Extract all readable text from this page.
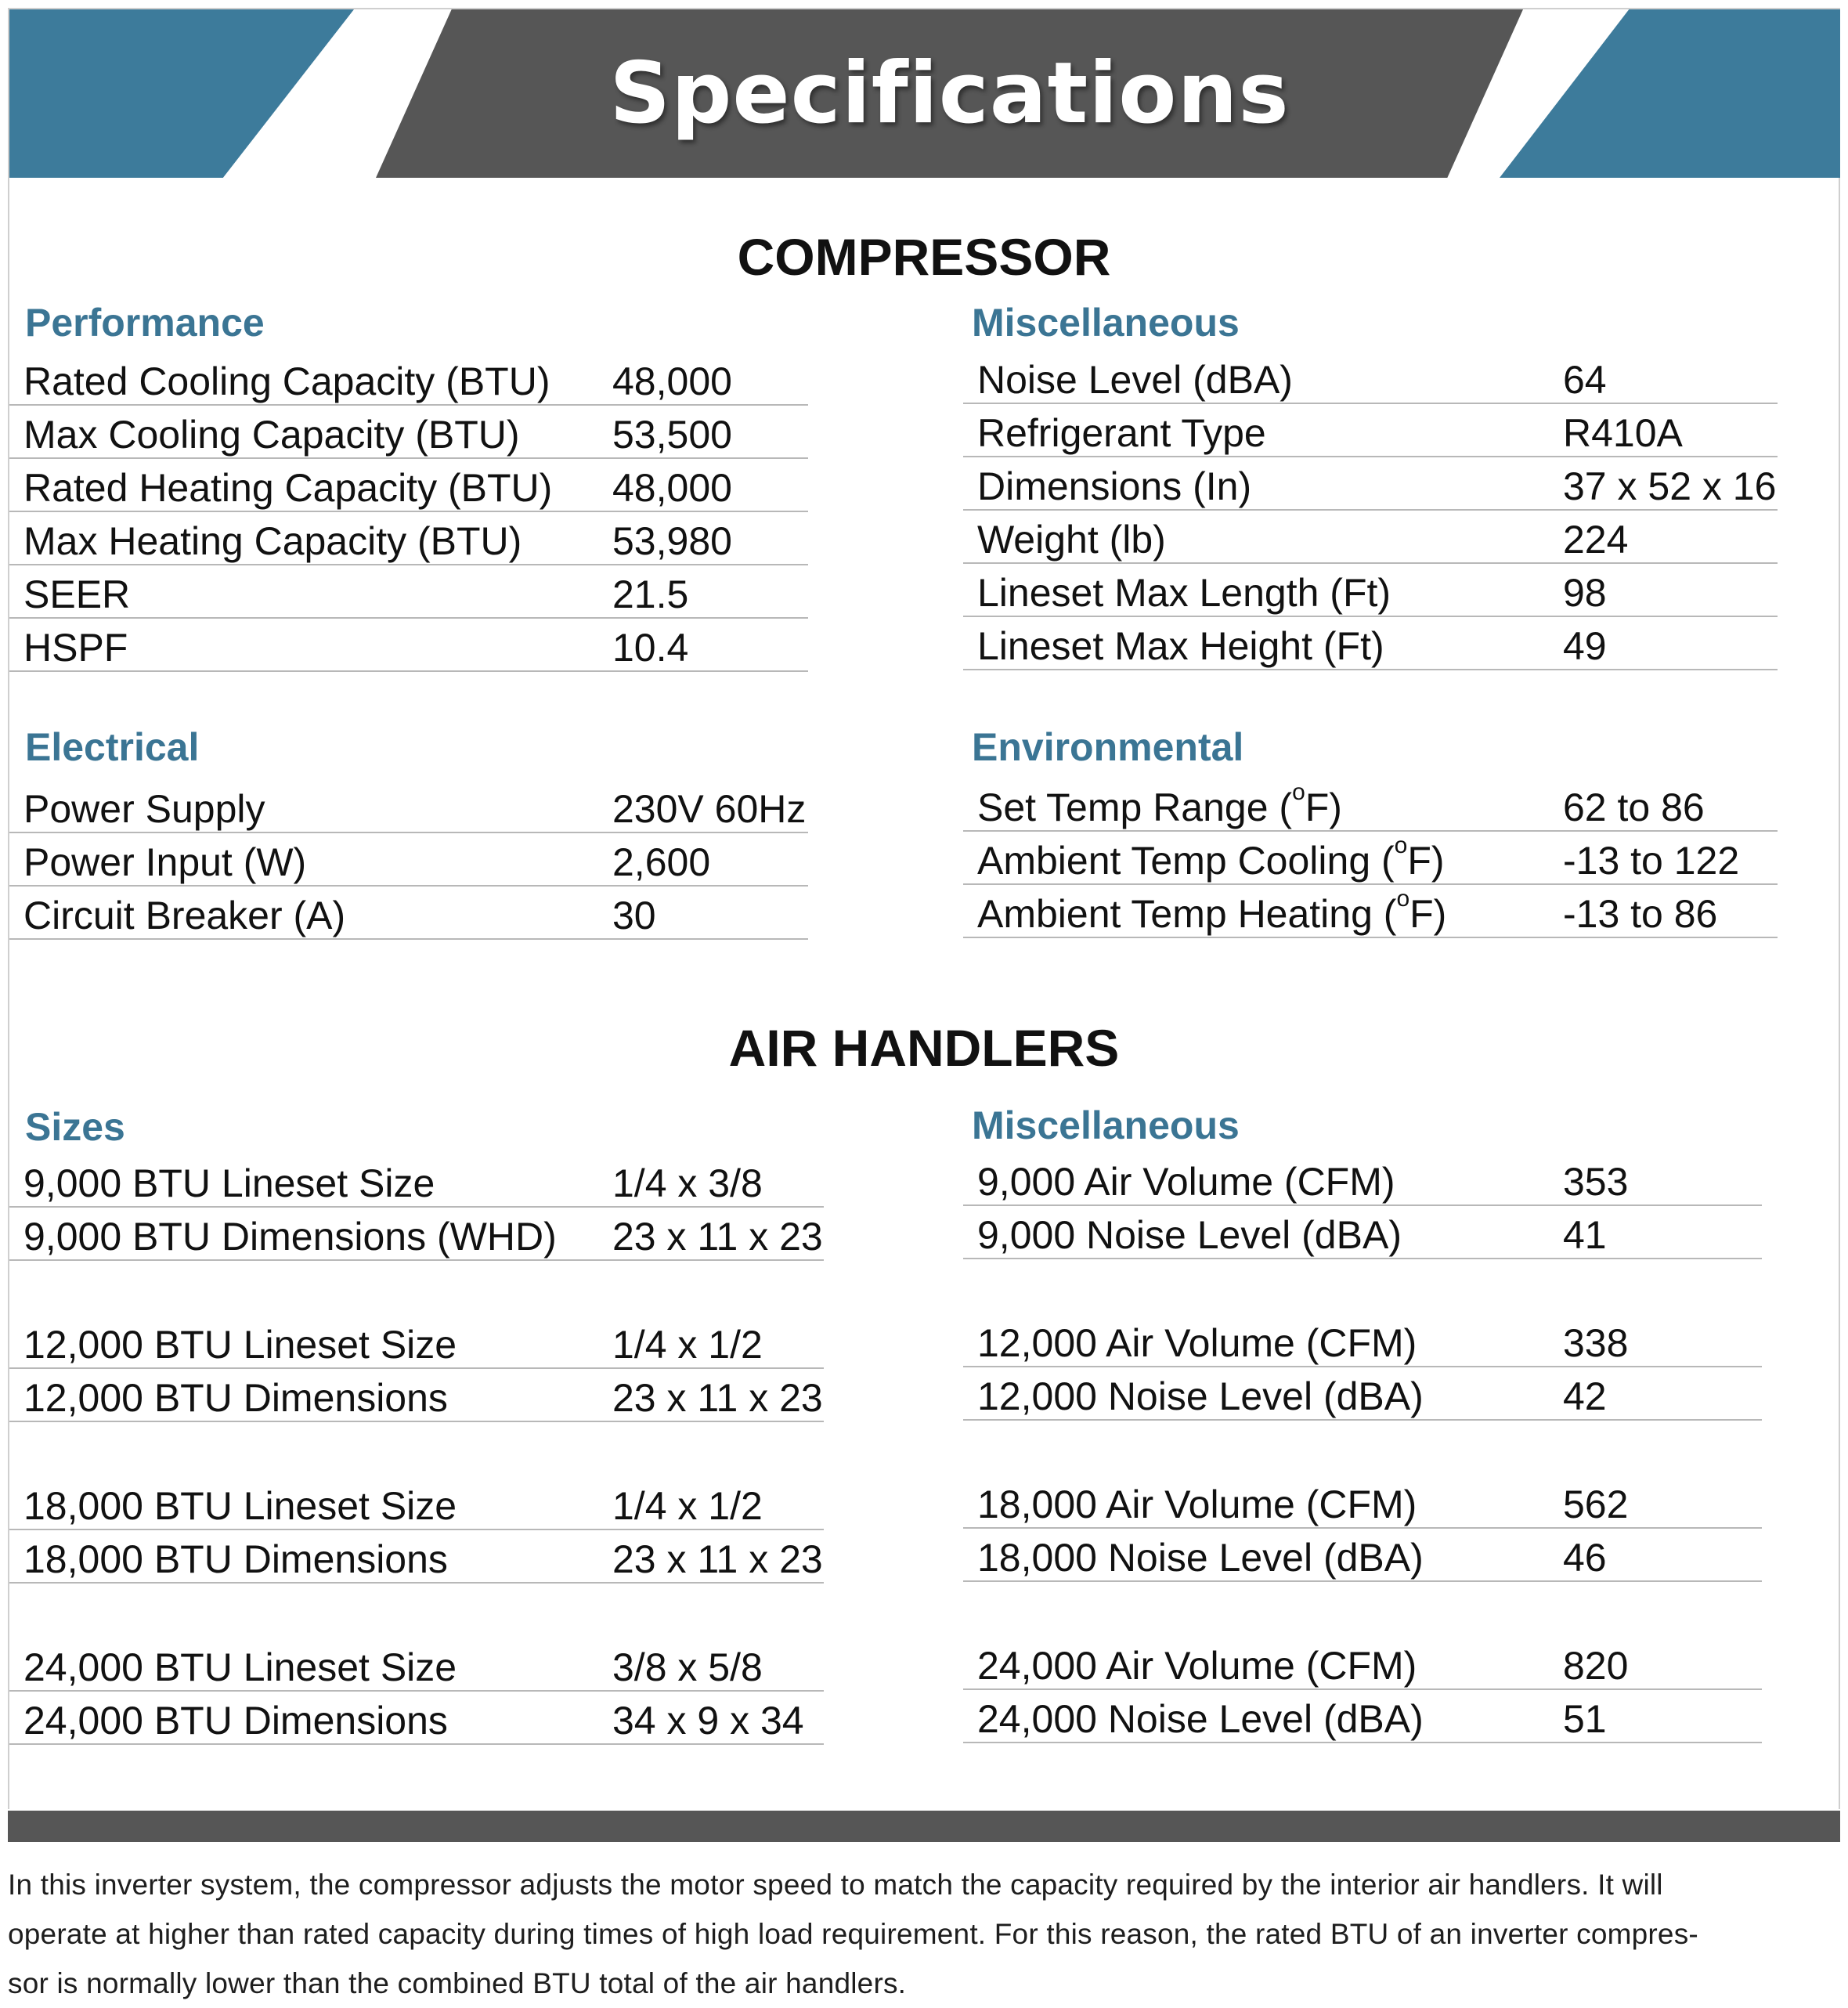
Specifications
COMPRESSOR
Performance	Miscellaneous
Rated Cooling Capacity (BTU) 48,000
Max Cooling Capacity (BTU) 53,500
Rated Heating Capacity (BTU) 48,000
Max Heating Capacity (BTU) 53,980
SEER	21.5
HSPF	10.4
Noise Level (dBA)	64
Refrigerant Type	R410A
Dimensions (In)	37 x 52 x 16
Weight (lb)	224
Lineset Max Length (Ft)	98
Lineset Max Height (Ft)	49
Electrical	Environmental
Power Supply	230V 60Hz
Power Input (W)	2,600
Circuit Breaker (A)	30
Set Temp Range ($^o$F)	62 to 86
Ambient Temp Cooling ($^o$F)	-13 to 122
Ambient Temp Heating ($^o$F)	-13 to 86
AIR HANDLERS
Sizes	Miscellaneous
9,000 BTU Lineset Size	1/4 x 3/8
9,000 BTU Dimensions (WHD) 23 x 11 x 23
12,000 BTU Lineset Size	1/4 x 1/2
12,000 BTU Dimensions	23 x 11 x 23
18,000 BTU Lineset Size	1/4 x 1/2
18,000 BTU Dimensions	23 x 11 x 23
24,000 BTU Lineset Size	3/8 x 5/8
24,000 BTU Dimensions	34 x 9 x 34
9,000 Air Volume (CFM)	353
9,000 Noise Level (dBA)	41
12,000 Air Volume (CFM)	338
12,000 Noise Level (dBA)	42
18,000 Air Volume (CFM)	562
18,000 Noise Level (dBA)	46
24,000 Air Volume (CFM)	820
24,000 Noise Level (dBA)	51
In this inverter system, the compressor adjusts the motor speed to match the capacity required by the interior air handlers. It will
operate at higher than rated capacity during times of high load requirement. For this reason, the rated BTU of an inverter compres-
sor is normally lower than the combined BTU total of the air handlers.
